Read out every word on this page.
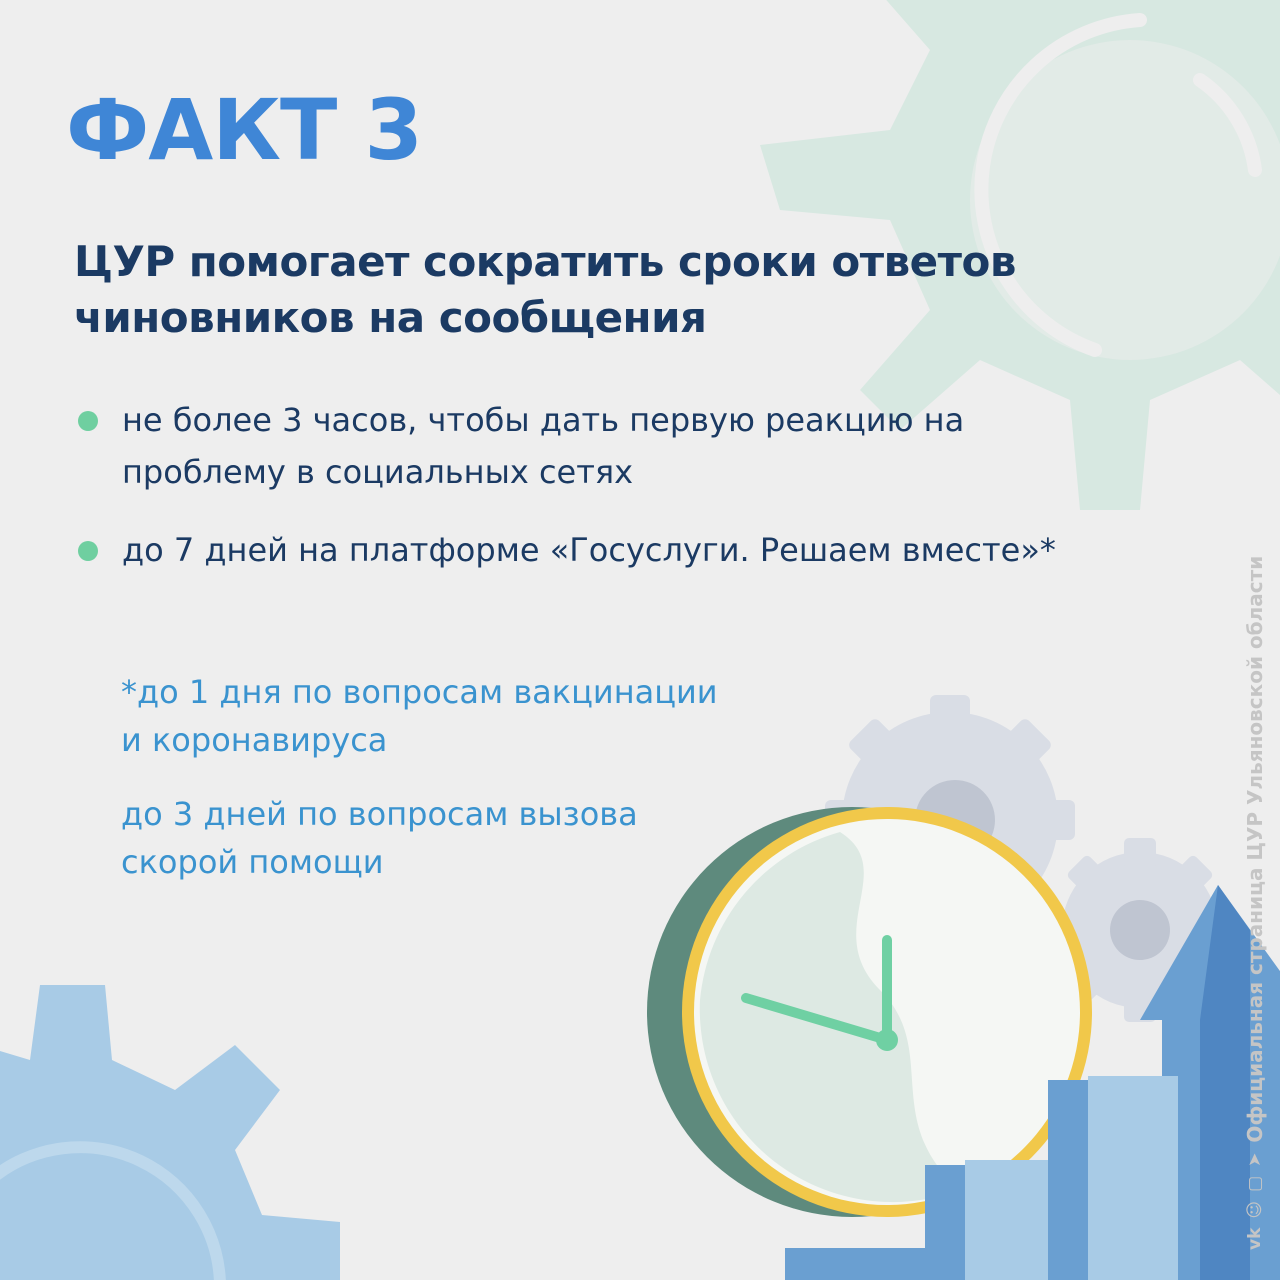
ФАКТ 3
ЦУР помогает сократить сроки ответов
чиновников на сообщения
не более 3 часов, чтобы дать первую реакцию на
проблему в социальных сетях
до 7 дней на платформе «Госуслуги. Решаем вместе»*
*до 1 дня по вопросам вакцинации
и коронавируса
до 3 дней по вопросам вызова
скорой помощи
vk
☺
▢
➤
Официальная страница ЦУР Ульяновской области
